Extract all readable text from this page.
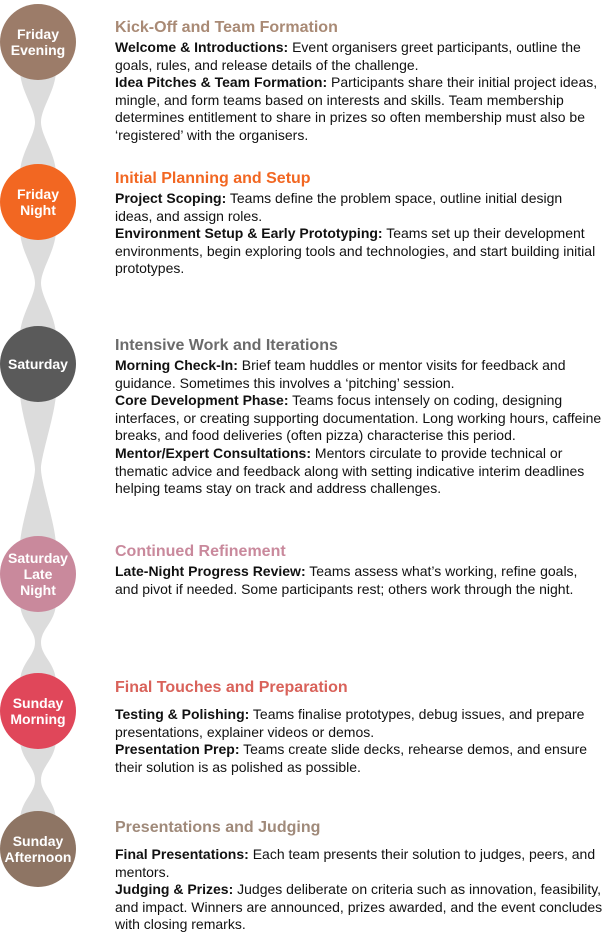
Friday
Evening
Kick-Off and Team Formation

Welcome & Introductions: Event organisers greet participants, outline the goals, rules, and release details of the challenge.

Idea Pitches & Team Formation: Participants share their initial project ideas, mingle, and form teams based on interests and skills. Team membership determines entitlement to share in prizes so often membership must also be ‘registered’ with the organisers.

Friday
Night
Initial Planning and Setup

Project Scoping: Teams define the problem space, outline initial design ideas, and assign roles.

Environment Setup & Early Prototyping: Teams set up their development environments, begin exploring tools and technologies, and start building initial prototypes.

Saturday
Intensive Work and Iterations

Morning Check-In: Brief team huddles or mentor visits for feedback and guidance. Sometimes this involves a ‘pitching’ session.

Core Development Phase: Teams focus intensely on coding, designing interfaces, or creating supporting documentation. Long working hours, caffeine breaks, and food deliveries (often pizza) characterise this period.

Mentor/Expert Consultations: Mentors circulate to provide technical or thematic advice and feedback along with setting indicative interim deadlines helping teams stay on track and address challenges.

Saturday
Late
Night
Continued Refinement

Late-Night Progress Review: Teams assess what’s working, refine goals, and pivot if needed. Some participants rest; others work through the night.

Sunday
Morning
Final Touches and Preparation

Testing & Polishing: Teams finalise prototypes, debug issues, and prepare presentations, explainer videos or demos.

Presentation Prep: Teams create slide decks, rehearse demos, and ensure their solution is as polished as possible.

Sunday
Afternoon
Presentations and Judging

Final Presentations: Each team presents their solution to judges, peers, and mentors.

Judging & Prizes: Judges deliberate on criteria such as innovation, feasibility, and impact. Winners are announced, prizes awarded, and the event concludes with closing remarks.
